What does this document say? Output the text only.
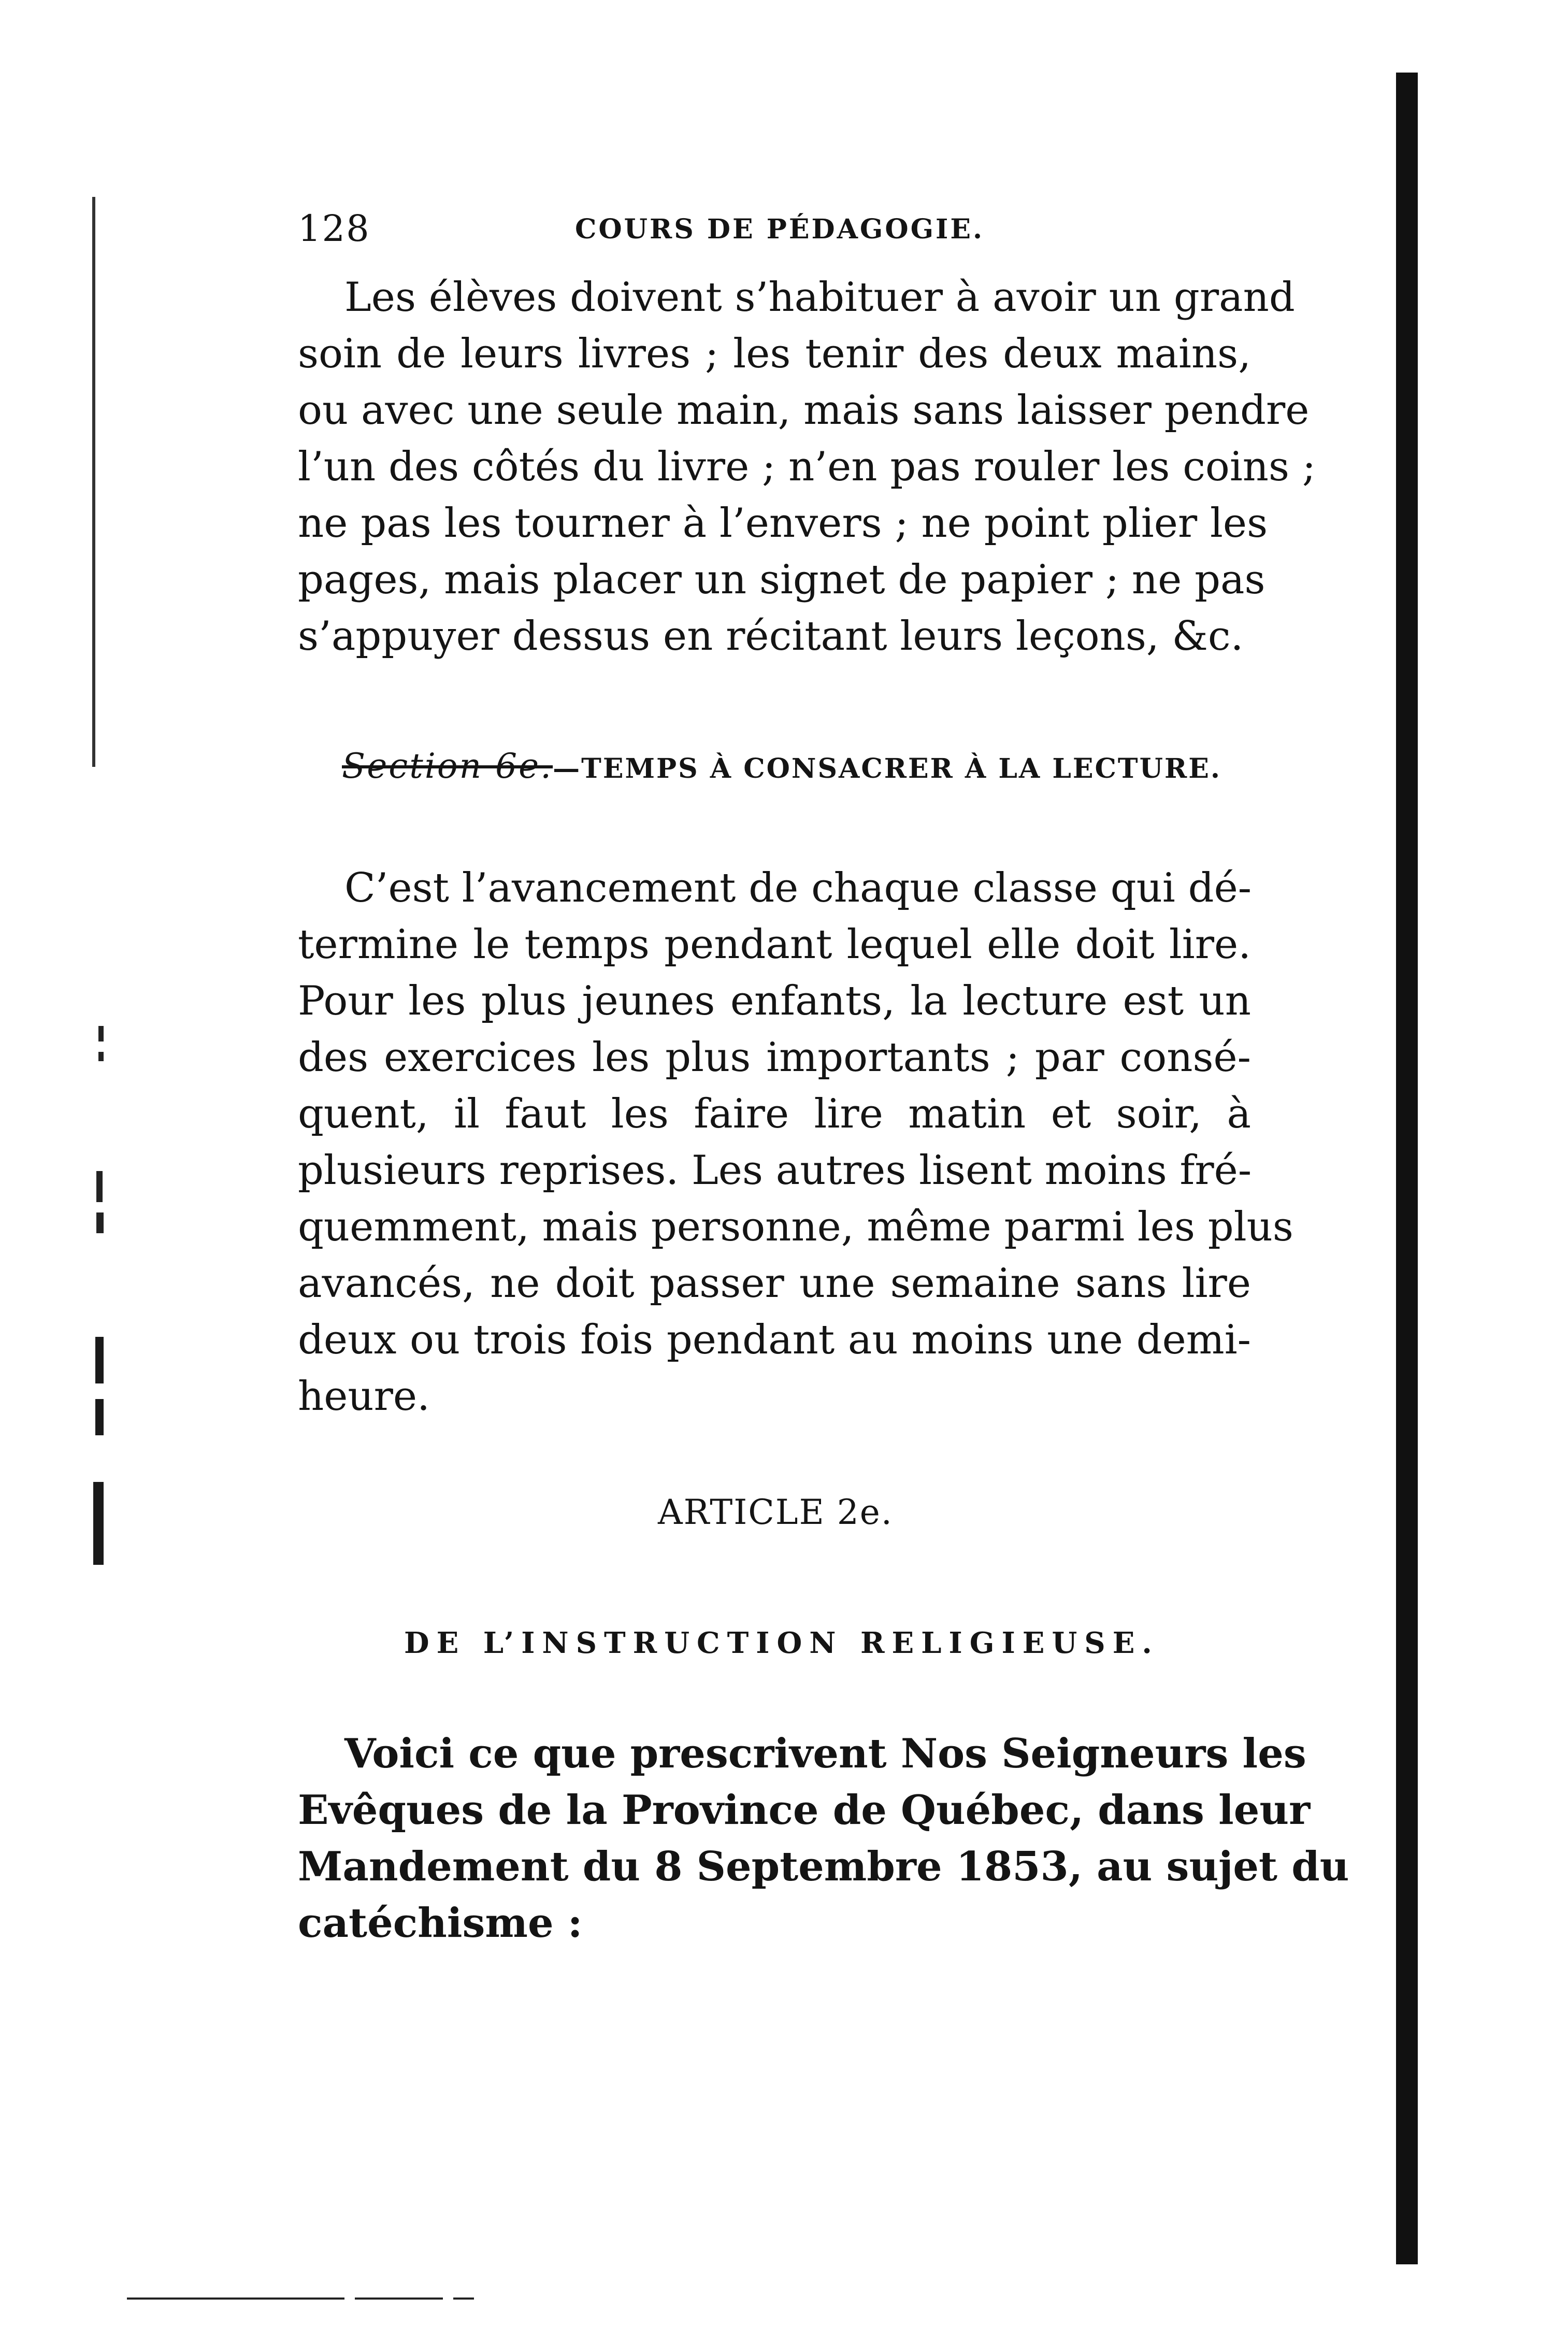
128	COURS DE PÉDAGOGIE.
Les élèves doivent s’habituer à avoir un grand
soin de leurs livres ; les tenir des deux mains,
ou avec une seule main, mais sans laisser pendre
l’un des côtés du livre ; n’en pas rouler les coins ;
ne pas les tourner à l’envers ; ne point plier les
pages, mais placer un signet de papier ; ne pas
s’appuyer dessus en récitant leurs leçons, &c.
Section 6e.—TEMPS À CONSACRER À LA LECTURE.
C’est l’avancement de chaque classe qui dé-
termine le temps pendant lequel elle doit lire.
Pour les plus jeunes enfants, la lecture est un
des exercices les plus importants ; par consé-
quent, il faut les faire lire matin et soir, à
plusieurs reprises. Les autres lisent moins fré-
quemment, mais personne, même parmi les plus
avancés, ne doit passer une semaine sans lire
deux ou trois fois pendant au moins une demi-
heure.
ARTICLE 2e.
DE L’INSTRUCTION RELIGIEUSE.
Voici ce que prescrivent Nos Seigneurs les
Evêques de la Province de Québec, dans leur
Mandement du 8 Septembre 1853, au sujet du
catéchisme :
